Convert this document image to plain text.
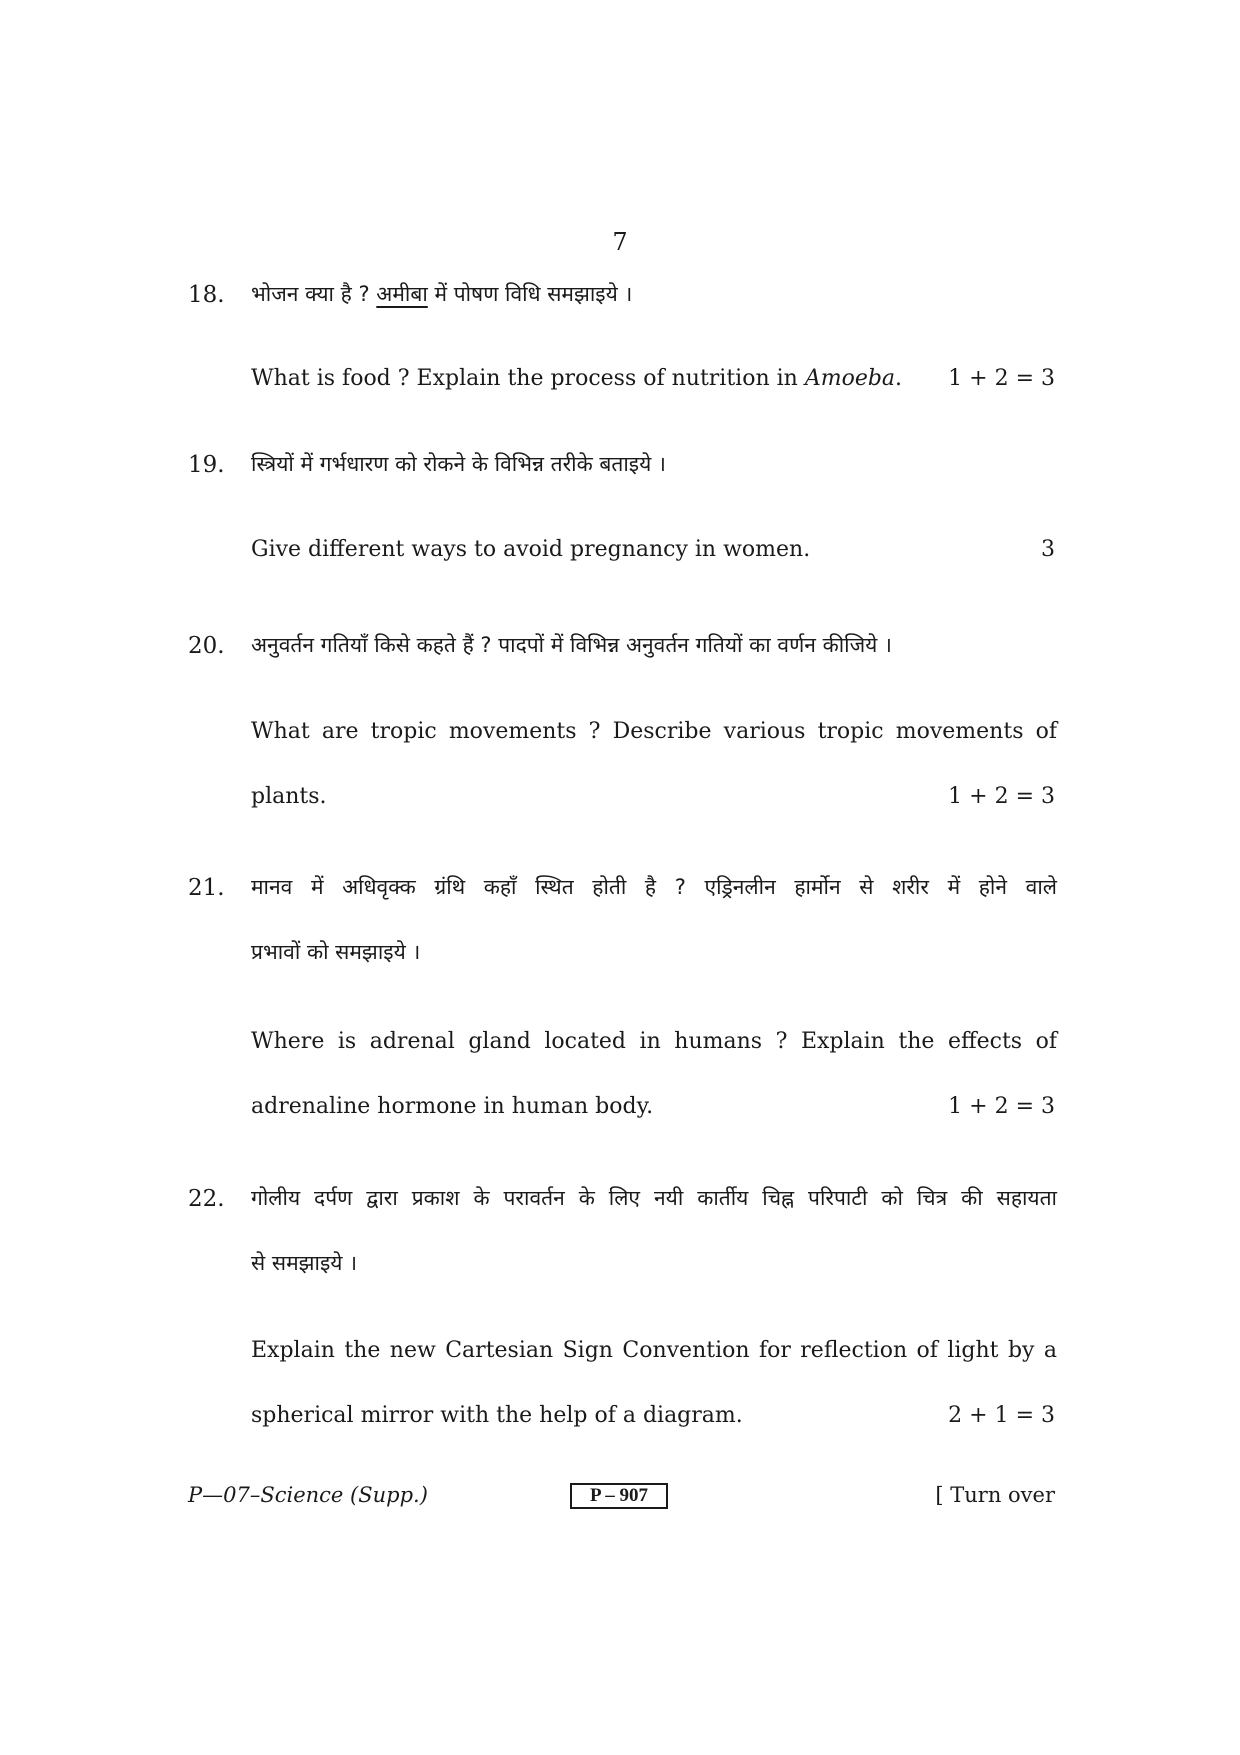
7
18. भोजन क्या है ? अमीबा में पोषण विधि समझाइये ।
What is food ? Explain the process of nutrition in Amoeba. 1 + 2 = 3
19. स्त्रियों में गर्भधारण को रोकने के विभिन्न तरीके बताइये ।
Give different ways to avoid pregnancy in women.	3
20. अनुवर्तन गतियाँ किसे कहते हैं ? पादपों में विभिन्न अनुवर्तन गतियों का वर्णन कीजिये ।
What are tropic movements ? Describe various tropic movements of
plants.	1 + 2 = 3
21. मानव में अधिवृक्क ग्रंथि कहाँ स्थित होती है ? एड्रिनलीन हार्मोन से शरीर में होने वाले
प्रभावों को समझाइये ।
Where is adrenal gland located in humans ? Explain the effects of
adrenaline hormone in human body.	1 + 2 = 3
22. गोलीय दर्पण द्वारा प्रकाश के परावर्तन के लिए नयी कार्तीय चिह्न परिपाटी को चित्र की सहायता
से समझाइये ।
Explain the new Cartesian Sign Convention for reflection of light by a
spherical mirror with the help of a diagram.	2 + 1 = 3
P—07–Science (Supp.)	P – 907	[ Turn over
